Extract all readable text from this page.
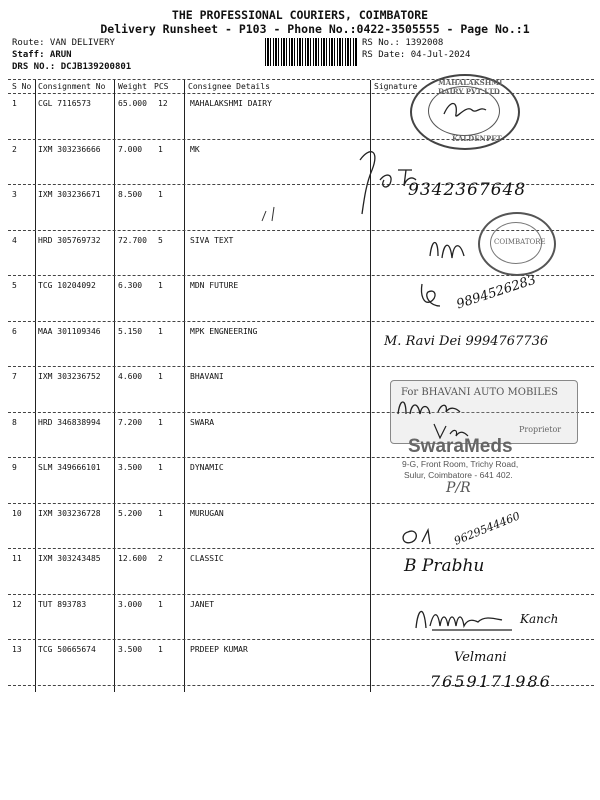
THE PROFESSIONAL COURIERS, COIMBATORE
Delivery Runsheet - P103 - Phone No.:0422-3505555 - Page No.:1
Route: VAN DELIVERY
Staff: ARUN
DRS NO.: DCJB139200801
RS No.: 1392008
RS Date: 04-Jul-2024
S No Consignment No Weight PCS Consignee Details	Signature
1	CGL 7116573	65.000 12	MAHALAKSHMI DAIRY
2	IXM 303236666 7.000 1	MK
3	IXM 303236671 8.500 1
4	HRD 305769732 72.700 5	SIVA TEXT
5	TCG 10204092	6.300 1	MDN FUTURE
6	MAA 301109346 5.150 1	MPK ENGNEERING
7	IXM 303236752 4.600 1	BHAVANI
8	HRD 346838994 7.200 1	SWARA
9	SLM 349666101 3.500 1	DYNAMIC
10 IXM 303236728 5.200 1	MURUGAN
11 IXM 303243485 12.600 2	CLASSIC
12 TUT 893783	3.000 1	JANET
13 TCG 50665674	3.500 1	PRDEEP KUMAR
MAHALAKSHMI DAIRY PVT LTD
KALDENPET
9342367648
COIMBATORE
9894526283
M. Ravi Dei 9994767736
For BHAVANI AUTO MOBILES
Proprietor
SwaraMeds
9-G, Front Room, Trichy Road,
Sulur, Coimbatore - 641 402.
P/R
9629544460
B Prabhu
Kanch
Velmani
7659171986
